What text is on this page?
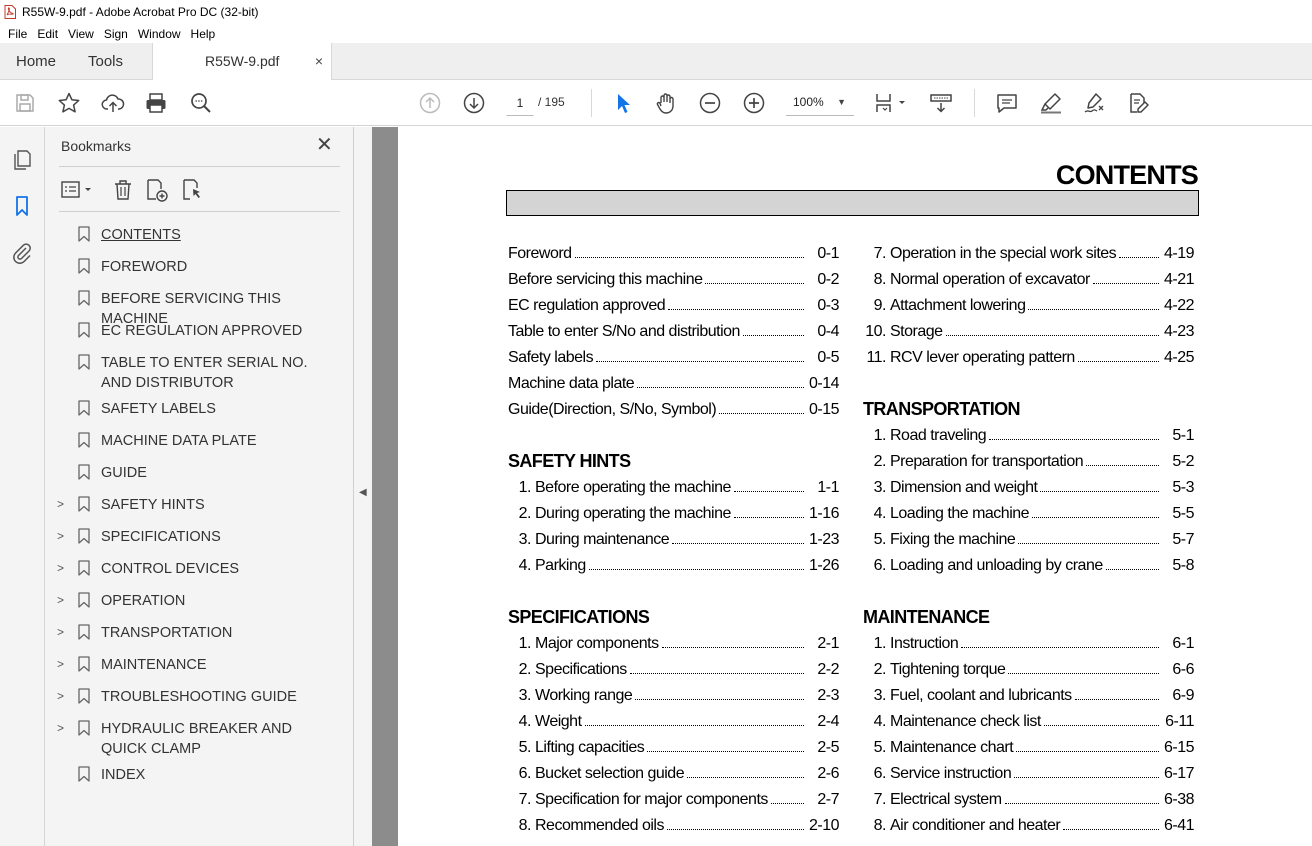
R55W-9.pdf - Adobe Acrobat Pro DC (32-bit)
File Edit View Sign Window Help
Home Tools	R55W-9.pdf	×
1	/ 195	100% ▼
Bookmarks	✕
CONTENTS
FOREWORD
BEFORE SERVICING THIS MACHINE
EC REGULATION APPROVED
TABLE TO ENTER SERIAL NO. AND DISTRIBUTOR
SAFETY LABELS
MACHINE DATA PLATE
GUIDE
>	SAFETY HINTS
>	SPECIFICATIONS
>	CONTROL DEVICES
>	OPERATION
>	TRANSPORTATION
>	MAINTENANCE
>	TROUBLESHOOTING GUIDE
>	HYDRAULIC BREAKER AND QUICK CLAMP
INDEX
◀
CONTENTS
Foreword	0-1
Before servicing this machine	0-2
EC regulation approved	0-3
Table to enter S/No and distribution	0-4
Safety labels	0-5
Machine data plate	0-14
Guide(Direction, S/No, Symbol)	0-15
SAFETY HINTS
1. Before operating the machine	1-1
2. During operating the machine	1-16
3. During maintenance	1-23
4. Parking	1-26
SPECIFICATIONS
1. Major components	2-1
2. Specifications	2-2
3. Working range	2-3
4. Weight	2-4
5. Lifting capacities	2-5
6. Bucket selection guide	2-6
7. Specification for major components	2-7
8. Recommended oils	2-10
7. Operation in the special work sites	4-19
8. Normal operation of excavator	4-21
9. Attachment lowering	4-22
10. Storage	4-23
11. RCV lever operating pattern	4-25
TRANSPORTATION
1. Road traveling	5-1
2. Preparation for transportation	5-2
3. Dimension and weight	5-3
4. Loading the machine	5-5
5. Fixing the machine	5-7
6. Loading and unloading by crane	5-8
MAINTENANCE
1. Instruction	6-1
2. Tightening torque	6-6
3. Fuel, coolant and lubricants	6-9
4. Maintenance check list	6-11
5. Maintenance chart	6-15
6. Service instruction	6-17
7. Electrical system	6-38
8. Air conditioner and heater	6-41
